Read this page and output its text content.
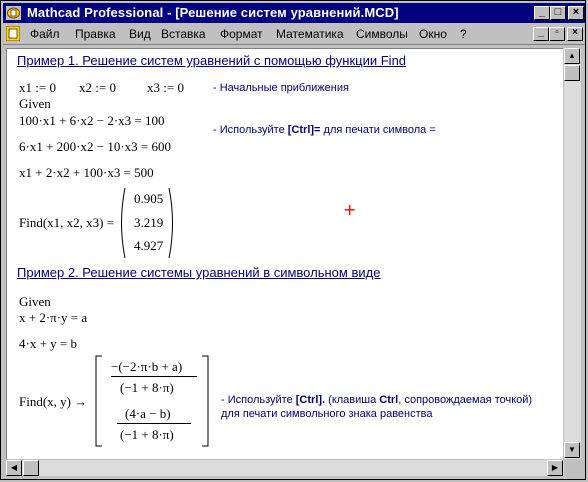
Mathcad Professional - [Решение систем уравнений.MCD]	_ □	×
Файл Правка Вид Вставка Формат Математика Символы Окно ?	_	▫	×
Пример 1. Решение систем уравнений с помощью функции Find
x1 := 0 x2 := 0 x3 := 0	- Начальные приближения
Given
100·x1 + 6·x2 − 2·x3 = 100
- Используйте [Ctrl]= для печати символа =
6·x1 + 200·x2 − 10·x3 = 600
x1 + 2·x2 + 100·x3 = 500
Find(x1, x2, x3) =
0.905
3.219
4.927
+
Пример 2. Решение системы уравнений в символьном виде
Given
x + 2·π·y = a
4·x + y = b
Find(x, y) →
−(−2·π·b + a)
(−1 + 8·π)
(4·a − b)
(−1 + 8·π)
- Используйте [Ctrl]. (клавиша Ctrl, сопровождаемая точкой)
для печати символьного знака равенства
▲
▼
◀	▶
